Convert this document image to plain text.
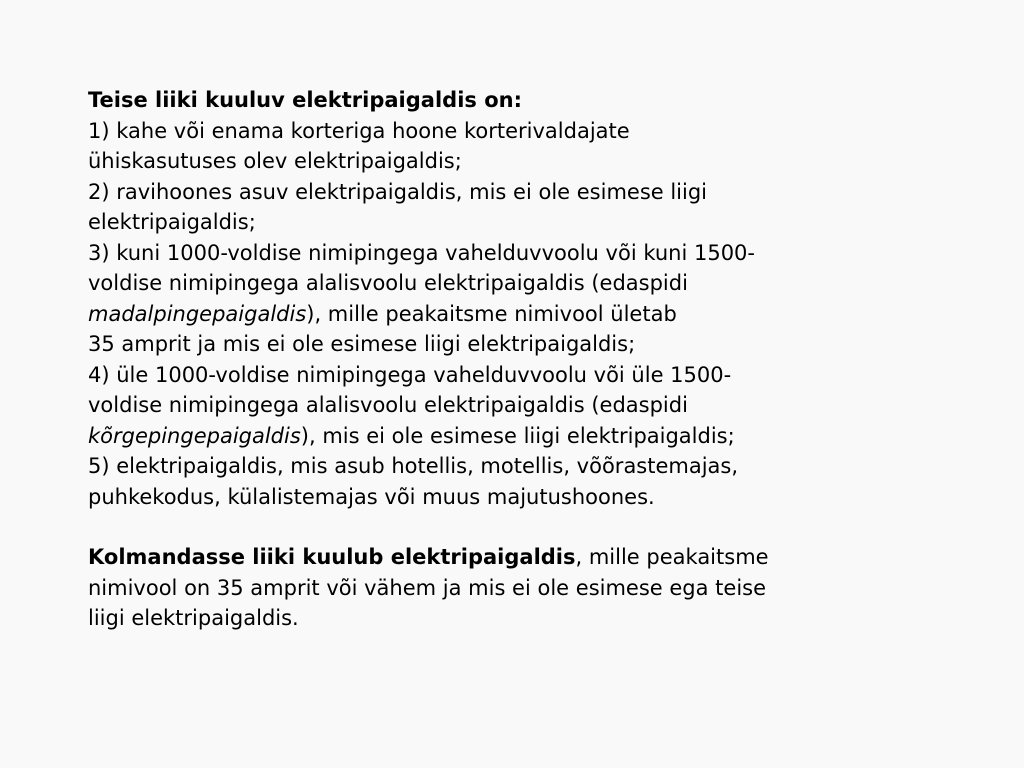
Teise liiki kuuluv elektripaigaldis on:

1) kahe või enama korteriga hoone korterivaldajate

ühiskasutuses olev elektripaigaldis;

2) ravihoones asuv elektripaigaldis, mis ei ole esimese liigi

elektripaigaldis;

3) kuni 1000-voldise nimipingega vahelduvvoolu või kuni 1500-

voldise nimipingega alalisvoolu elektripaigaldis (edaspidi

madalpingepaigaldis), mille peakaitsme nimivool ületab

35 amprit ja mis ei ole esimese liigi elektripaigaldis;

4) üle 1000-voldise nimipingega vahelduvvoolu või üle 1500-

voldise nimipingega alalisvoolu elektripaigaldis (edaspidi

kõrgepingepaigaldis), mis ei ole esimese liigi elektripaigaldis;

5) elektripaigaldis, mis asub hotellis, motellis, võõrastemajas,

puhkekodus, külalistemajas või muus majutushoones.

Kolmandasse liiki kuulub elektripaigaldis, mille peakaitsme

nimivool on 35 amprit või vähem ja mis ei ole esimese ega teise

liigi elektripaigaldis.
